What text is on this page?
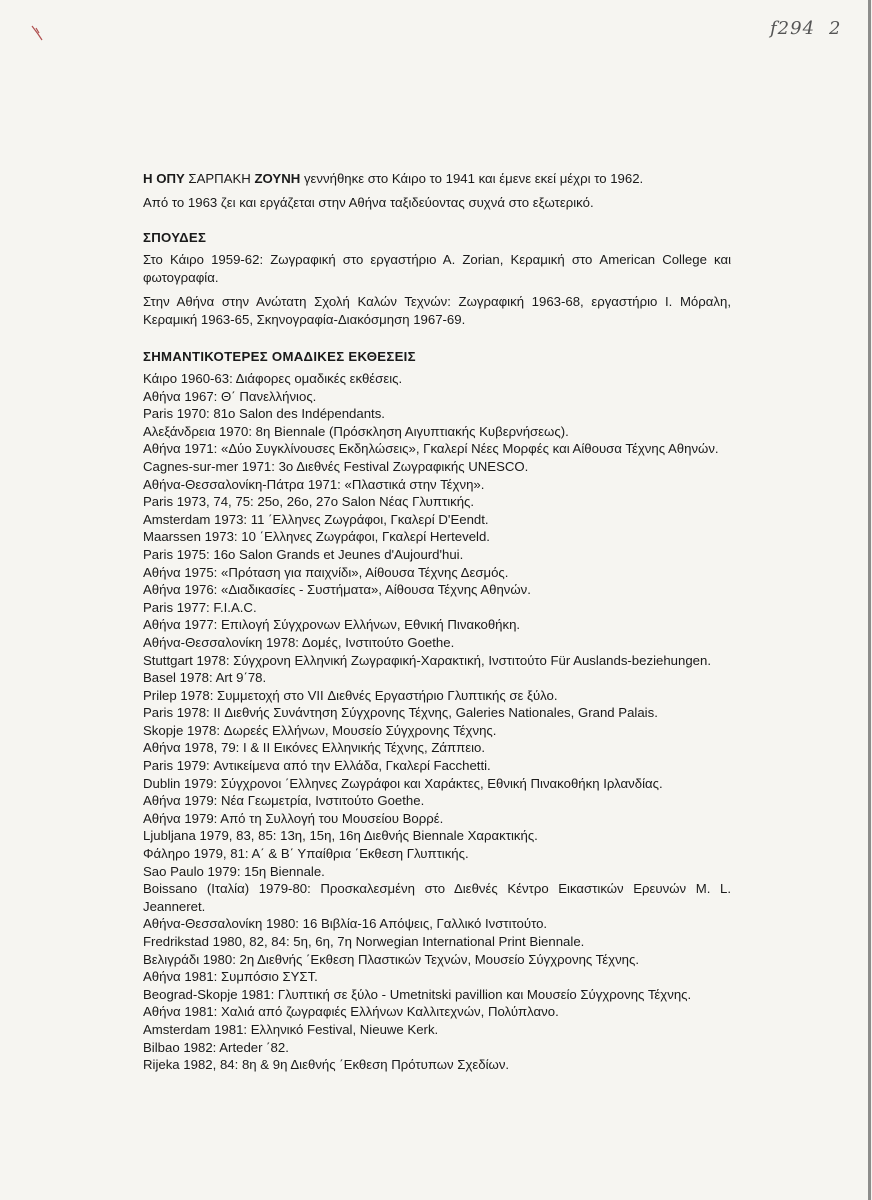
f294 2

Η ΟΠΥ ΣΑΡΠΑΚΗ ΖΟΥΝΗ γεννήθηκε στο Κάιρο το 1941 και έμενε εκεί μέχρι το 1962.

Από το 1963 ζει και εργάζεται στην Αθήνα ταξιδεύοντας συχνά στο εξωτερικό.

ΣΠΟΥΔΕΣ

Στο Κάιρο 1959-62: Ζωγραφική στο εργαστήριο Α. Zorian, Κεραμική στο American College και φωτογραφία.

Στην Αθήνα στην Ανώτατη Σχολή Καλών Τεχνών: Ζωγραφική 1963-68, εργαστήριο Ι. Μόραλη, Κεραμική 1963-65, Σκηνογραφία-Διακόσμηση 1967-69.

ΣΗΜΑΝΤΙΚΟΤΕΡΕΣ ΟΜΑΔΙΚΕΣ ΕΚΘΕΣΕΙΣ
Κάιρο 1960-63: Διάφορες ομαδικές εκθέσεις.
Αθήνα 1967: Θ΄ Πανελλήνιος.
Paris 1970: 81ο Salon des Indépendants.
Αλεξάνδρεια 1970: 8η Biennale (Πρόσκληση Αιγυπτιακής Κυβερνήσεως).
Αθήνα 1971: «Δύο Συγκλίνουσες Εκδηλώσεις», Γκαλερί Νέες Μορφές και Αίθουσα Τέχνης Αθηνών.
Cagnes-sur-mer 1971: 3ο Διεθνές Festival Ζωγραφικής UNESCO.
Αθήνα-Θεσσαλονίκη-Πάτρα 1971: «Πλαστικά στην Τέχνη».
Paris 1973, 74, 75: 25ο, 26ο, 27ο Salon Νέας Γλυπτικής.
Amsterdam 1973: 11 ΄Ελληνες Ζωγράφοι, Γκαλερί D'Eendt.
Maarssen 1973: 10 ΄Ελληνες Ζωγράφοι, Γκαλερί Herteveld.
Paris 1975: 16ο Salon Grands et Jeunes d'Aujourd'hui.
Αθήνα 1975: «Πρόταση για παιχνίδι», Αίθουσα Τέχνης Δεσμός.
Αθήνα 1976: «Διαδικασίες - Συστήματα», Αίθουσα Τέχνης Αθηνών.
Paris 1977: F.I.A.C.
Αθήνα 1977: Επιλογή Σύγχρονων Ελλήνων, Εθνική Πινακοθήκη.
Αθήνα-Θεσσαλονίκη 1978: Δομές, Ινστιτούτο Goethe.
Stuttgart 1978: Σύγχρονη Ελληνική Ζωγραφική-Χαρακτική, Ινστιτούτο Für Auslands-beziehungen.
Basel 1978: Art 9΄78.
Prilep 1978: Συμμετοχή στο VII Διεθνές Εργαστήριο Γλυπτικής σε ξύλο.
Paris 1978: II Διεθνής Συνάντηση Σύγχρονης Τέχνης, Galeries Nationales, Grand Palais.
Skopje 1978: Δωρεές Ελλήνων, Μουσείο Σύγχρονης Τέχνης.
Αθήνα 1978, 79: I & II Εικόνες Ελληνικής Τέχνης, Ζάππειο.
Paris 1979: Αντικείμενα από την Ελλάδα, Γκαλερί Facchetti.
Dublin 1979: Σύγχρονοι ΄Ελληνες Ζωγράφοι και Χαράκτες, Εθνική Πινακοθήκη Ιρλανδίας.
Αθήνα 1979: Νέα Γεωμετρία, Ινστιτούτο Goethe.
Αθήνα 1979: Από τη Συλλογή του Μουσείου Βορρέ.
Ljubljana 1979, 83, 85: 13η, 15η, 16η Διεθνής Biennale Χαρακτικής.
Φάληρο 1979, 81: Α΄ & Β΄ Υπαίθρια ΄Εκθεση Γλυπτικής.
Sao Paulo 1979: 15η Biennale.
Boissano (Ιταλία) 1979-80: Προσκαλεσμένη στο Διεθνές Κέντρο Εικαστικών Ερευνών M. L. Jeanneret.
Αθήνα-Θεσσαλονίκη 1980: 16 Βιβλία-16 Απόψεις, Γαλλικό Ινστιτούτο.
Fredrikstad 1980, 82, 84: 5η, 6η, 7η Norwegian International Print Biennale.
Βελιγράδι 1980: 2η Διεθνής ΄Εκθεση Πλαστικών Τεχνών, Μουσείο Σύγχρονης Τέχνης.
Αθήνα 1981: Συμπόσιο ΣΥΣΤ.
Beograd-Skopje 1981: Γλυπτική σε ξύλο - Umetnitski pavillion και Μουσείο Σύγχρονης Τέχνης.
Αθήνα 1981: Χαλιά από ζωγραφιές Ελλήνων Καλλιτεχνών, Πολύπλανο.
Amsterdam 1981: Ελληνικό Festival, Nieuwe Kerk.
Bilbao 1982: Arteder ΄82.
Rijeka 1982, 84: 8η & 9η Διεθνής ΄Εκθεση Πρότυπων Σχεδίων.
